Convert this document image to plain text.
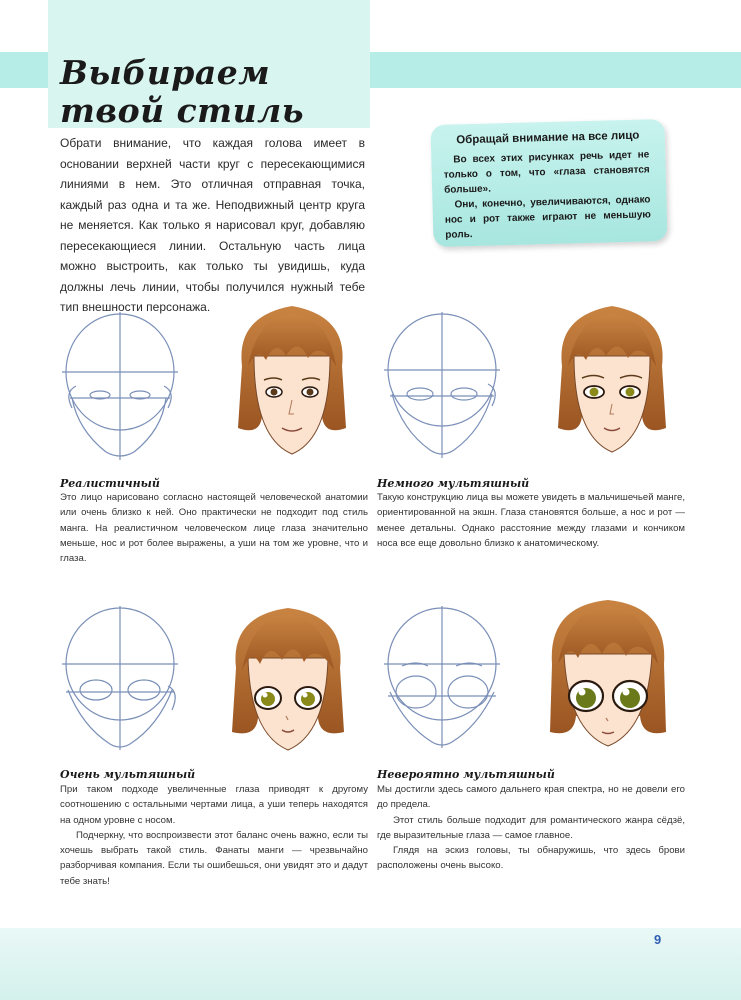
Выбираем
твой стиль

Обрати внимание, что каждая голова имеет в основании верхней части круг с пересекающимися линиями в нем. Это отличная отправная точка, каждый раз одна и та же. Неподвижный центр круга не меняется. Как только я нарисовал круг, добавляю пересекающиеся линии. Остальную часть лица можно выстроить, как только ты увидишь, куда должны лечь линии, чтобы получился нужный тебе тип внешности персонажа.

Обращай внимание на все лицо

Во всех этих рисунках речь идет не только о том, что «глаза становятся больше».

Они, конечно, увеличиваются, однако нос и рот также играют не меньшую роль.

Реалистичный

Это лицо нарисовано согласно настоящей человеческой анатомии или очень близко к ней. Оно практически не подходит под стиль манга. На реалистичном человеческом лице глаза значительно меньше, нос и рот более выражены, а уши на том же уровне, что и глаза.

Немного мультяшный

Такую конструкцию лица вы можете увидеть в мальчишечьей манге, ориентированной на экшн. Глаза становятся больше, а нос и рот — менее детальны. Однако расстояние между глазами и кончиком носа все еще довольно близко к анатомическому.

Очень мультяшный

При таком подходе увеличенные глаза приводят к другому соотношению с остальными чертами лица, а уши теперь находятся на одном уровне с носом.

Подчеркну, что воспроизвести этот баланс очень важно, если ты хочешь выбрать такой стиль. Фанаты манги — чрезвычайно разборчивая компания. Если ты ошибешься, они увидят это и дадут тебе знать!

Невероятно мультяшный

Мы достигли здесь самого дальнего края спектра, но не довели его до предела.

Этот стиль больше подходит для романтического жанра сёдзё, где выразительные глаза — самое главное.

Глядя на эскиз головы, ты обнаружишь, что здесь брови расположены очень высоко.

9
